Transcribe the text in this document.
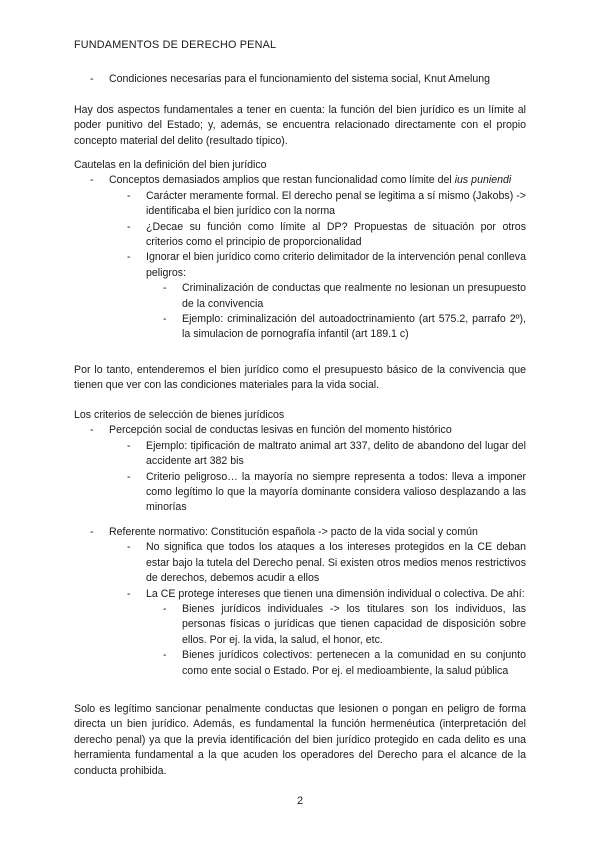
FUNDAMENTOS DE DERECHO PENAL
- Condiciones necesarias para el funcionamiento del sistema social, Knut Amelung
Hay dos aspectos fundamentales a tener en cuenta: la función del bien jurídico es un límite al poder punitivo del Estado; y, además, se encuentra relacionado directamente con el propio concepto material del delito (resultado típico).
Cautelas en la definición del bien jurídico
- Conceptos demasiados amplios que restan funcionalidad como límite del ius puniendi
- Carácter meramente formal. El derecho penal se legitima a sí mismo (Jakobs) -> identificaba el bien jurídico con la norma
- ¿Decae su función como límite al DP? Propuestas de situación por otros criterios como el principio de proporcionalidad
- Ignorar el bien jurídico como criterio delimitador de la intervención penal conlleva peligros:
- Criminalización de conductas que realmente no lesionan un presupuesto de la convivencia
- Ejemplo: criminalización del autoadoctrinamiento (art 575.2, parrafo 2º), la simulacion de pornografía infantil (art 189.1 c)
Por lo tanto, entenderemos el bien jurídico como el presupuesto básico de la convivencia que tienen que ver con las condiciones materiales para la vida social.
Los criterios de selección de bienes jurídicos
- Percepción social de conductas lesivas en función del momento histórico
- Ejemplo: tipificación de maltrato animal art 337, delito de abandono del lugar del accidente art 382 bis
- Criterio peligroso… la mayoría no siempre representa a todos: lleva a imponer como legítimo lo que la mayoría dominante considera valioso desplazando a las minorías
- Referente normativo: Constitución española -> pacto de la vida social y común
- No significa que todos los ataques a los intereses protegidos en la CE deban estar bajo la tutela del Derecho penal. Si existen otros medios menos restrictivos de derechos, debemos acudir a ellos
- La CE protege intereses que tienen una dimensión individual o colectiva. De ahí:
- Bienes jurídicos individuales -> los titulares son los individuos, las personas físicas o jurídicas que tienen capacidad de disposición sobre ellos. Por ej. la vida, la salud, el honor, etc.
- Bienes jurídicos colectivos: pertenecen a la comunidad en su conjunto como ente social o Estado. Por ej. el medioambiente, la salud pública
Solo es legítimo sancionar penalmente conductas que lesionen o pongan en peligro de forma directa un bien jurídico. Además, es fundamental la función hermenéutica (interpretación del derecho penal) ya que la previa identificación del bien jurídico protegido en cada delito es una herramienta fundamental a la que acuden los operadores del Derecho para el alcance de la conducta prohibida.
2
